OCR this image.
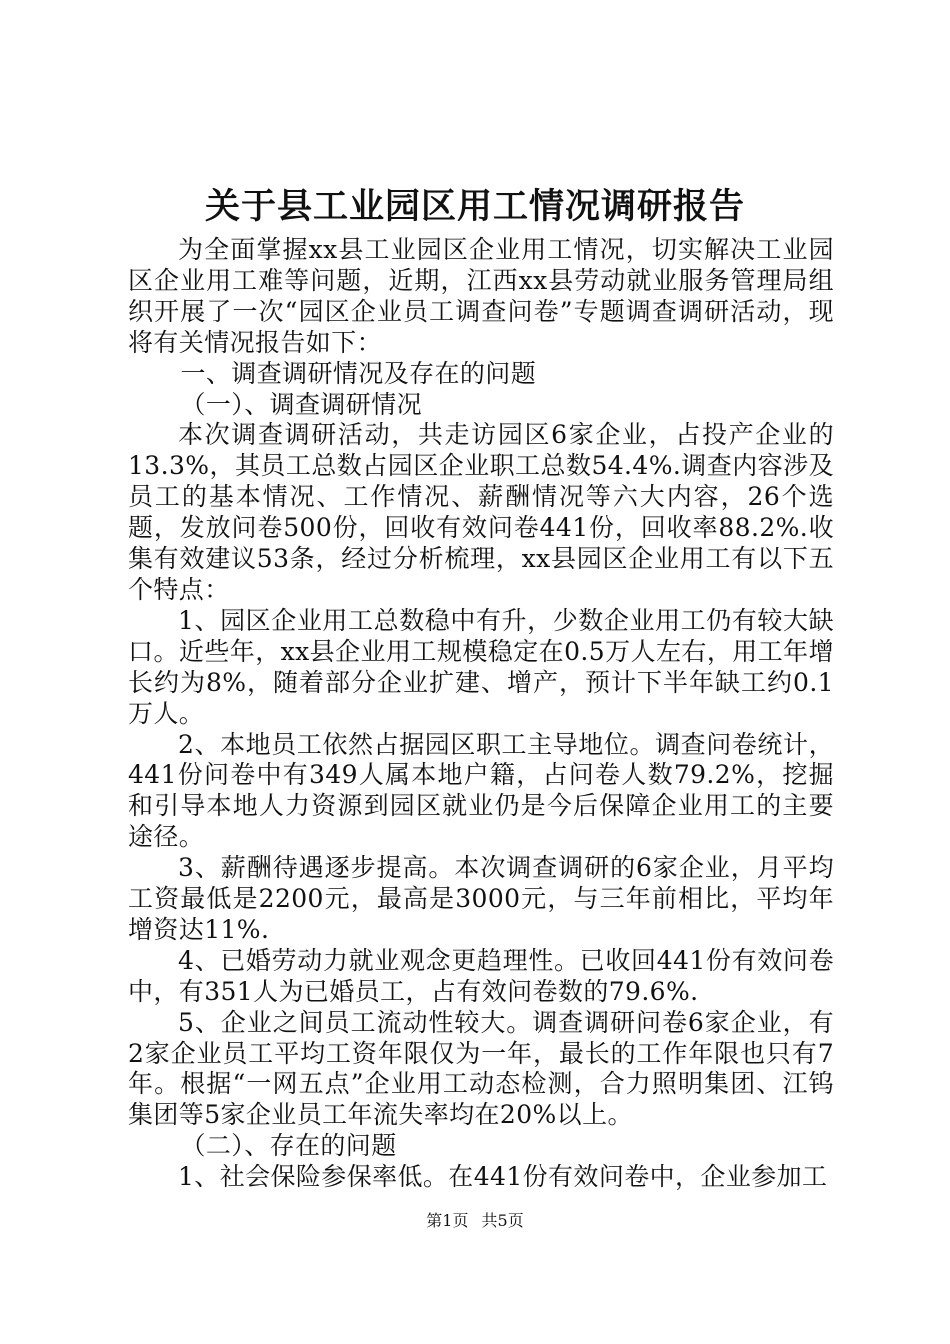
关于县工业园区用工情况调研报告

为全面掌握xx县工业园区企业用工情况，切实解决工业园区企业用工难等问题，近期，江西xx县劳动就业服务管理局组织开展了一次“园区企业员工调查问卷”专题调查调研活动，现将有关情况报告如下：

一、调查调研情况及存在的问题

（一）、调查调研情况

本次调查调研活动，共走访园区6家企业，占投产企业的13.3%，其员工总数占园区企业职工总数54.4%.调查内容涉及员工的基本情况、工作情况、薪酬情况等六大内容，26个选题，发放问卷500份，回收有效问卷441份，回收率88.2%.收集有效建议53条，经过分析梳理，xx县园区企业用工有以下五个特点：

1、园区企业用工总数稳中有升，少数企业用工仍有较大缺口。近些年，xx县企业用工规模稳定在0.5万人左右，用工年增长约为8%，随着部分企业扩建、增产，预计下半年缺工约0.1万人。

2、本地员工依然占据园区职工主导地位。调查问卷统计，441份问卷中有349人属本地户籍，占问卷人数79.2%，挖掘和引导本地人力资源到园区就业仍是今后保障企业用工的主要途径。

3、薪酬待遇逐步提高。本次调查调研的6家企业，月平均工资最低是2200元，最高是3000元，与三年前相比，平均年增资达11%.

4、已婚劳动力就业观念更趋理性。已收回441份有效问卷中，有351人为已婚员工，占有效问卷数的79.6%.

5、企业之间员工流动性较大。调查调研问卷6家企业，有2家企业员工平均工资年限仅为一年，最长的工作年限也只有7年。根据“一网五点”企业用工动态检测，合力照明集团、江钨集团等5家企业员工年流失率均在20%以上。

（二）、存在的问题

1、社会保险参保率低。在441份有效问卷中，企业参加工

第1页 共5页
